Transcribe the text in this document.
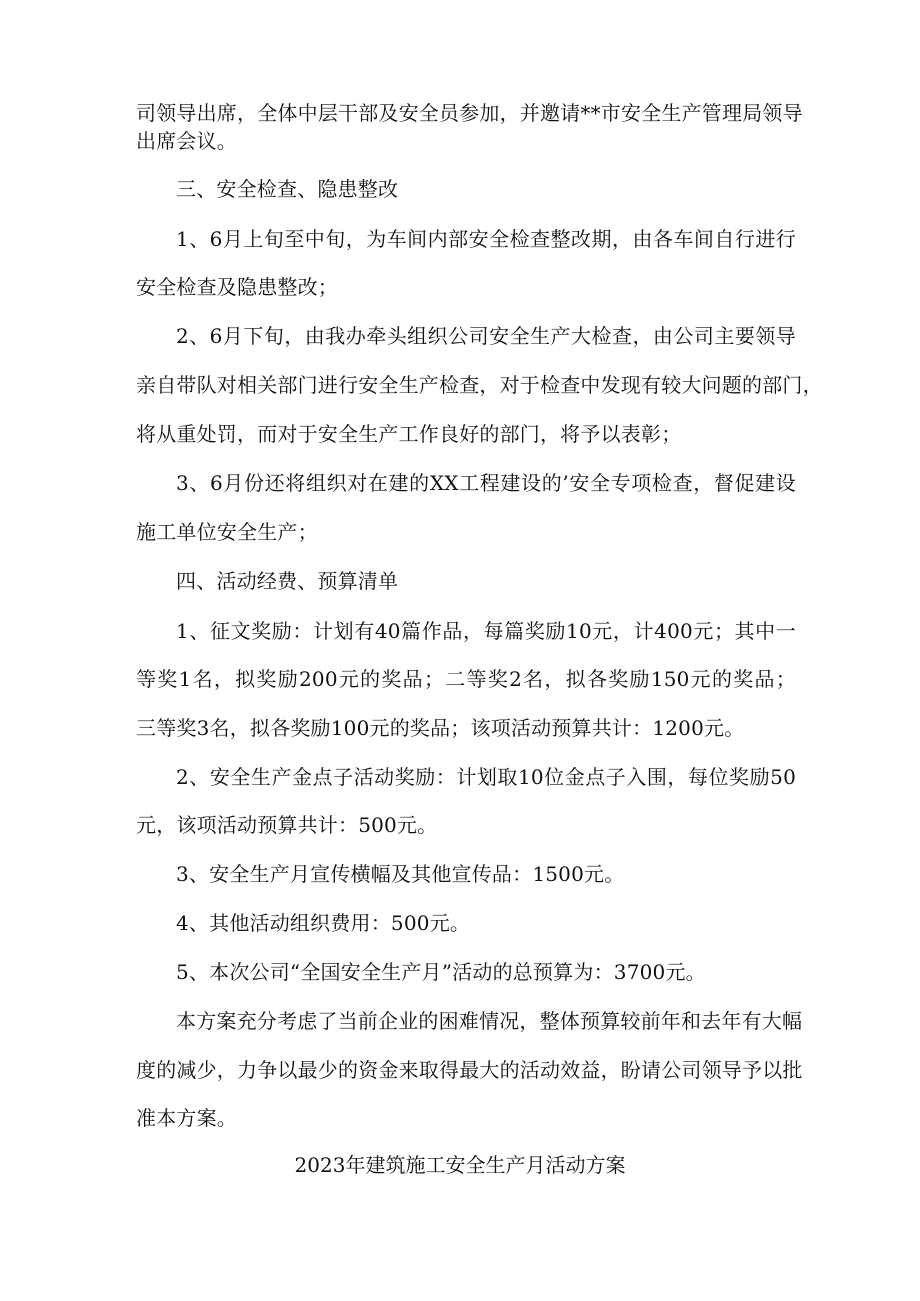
司领导出席，全体中层干部及安全员参加，并邀请**市安全生产管理局领导
出席会议。
三、安全检查、隐患整改
1、6月上旬至中旬，为车间内部安全检查整改期，由各车间自行进行
安全检查及隐患整改；
2、6月下旬，由我办牵头组织公司安全生产大检查，由公司主要领导
亲自带队对相关部门进行安全生产检查，对于检查中发现有较大问题的部门，
将从重处罚，而对于安全生产工作良好的部门，将予以表彰；
3、6月份还将组织对在建的XX工程建设的’安全专项检查，督促建设
施工单位安全生产；
四、活动经费、预算清单
1、征文奖励：计划有40篇作品，每篇奖励10元，计400元；其中一
等奖1名，拟奖励200元的奖品；二等奖2名，拟各奖励150元的奖品；
三等奖3名，拟各奖励100元的奖品；该项活动预算共计：1200元。
2、安全生产金点子活动奖励：计划取10位金点子入围，每位奖励50
元，该项活动预算共计：500元。
3、安全生产月宣传横幅及其他宣传品：1500元。
4、其他活动组织费用：500元。
5、本次公司“全国安全生产月”活动的总预算为：3700元。
本方案充分考虑了当前企业的困难情况，整体预算较前年和去年有大幅
度的减少，力争以最少的资金来取得最大的活动效益，盼请公司领导予以批
准本方案。
2023年建筑施工安全生产月活动方案
